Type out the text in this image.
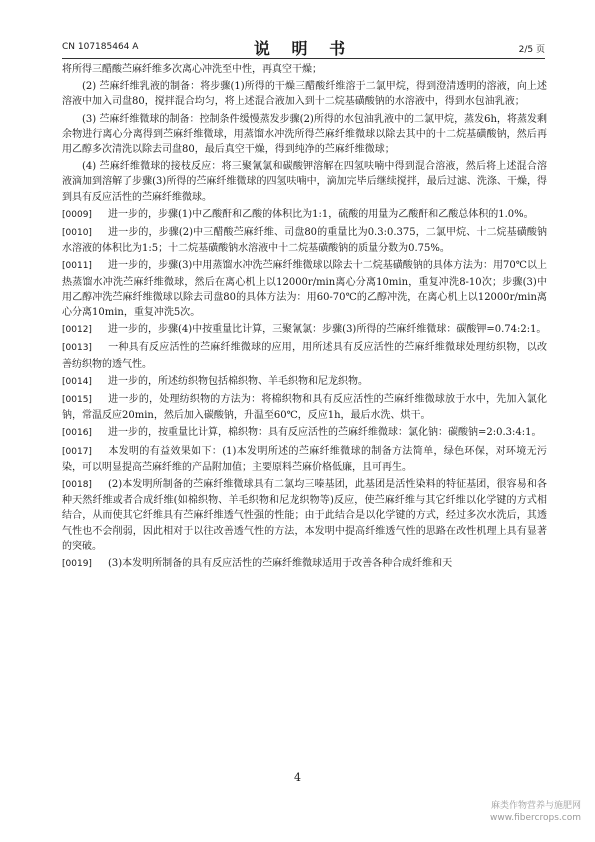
CN 107185464 A	说 明 书	2/5 页

将所得三醋酸苎麻纤维多次离心冲洗至中性，再真空干燥；

(2) 苎麻纤维乳液的制备：将步骤(1)所得的干燥三醋酸纤维溶于二氯甲烷，得到澄清透明的溶液，向上述溶液中加入司盘80，搅拌混合均匀，将上述混合液加入到十二烷基磺酸钠的水溶液中，得到水包油乳液；

(3) 苎麻纤维微球的制备：控制条件缓慢蒸发步骤(2)所得的水包油乳液中的二氯甲烷，蒸发6h，将蒸发剩余物进行离心分离得到苎麻纤维微球，用蒸馏水冲洗所得苎麻纤维微球以除去其中的十二烷基磺酸钠，然后再用乙醇多次清洗以除去司盘80，最后真空干燥，得到纯净的苎麻纤维微球；

(4) 苎麻纤维微球的接枝反应：将三聚氰氯和碳酸钾溶解在四氢呋喃中得到混合溶液，然后将上述混合溶液滴加到溶解了步骤(3)所得的苎麻纤维微球的四氢呋喃中，滴加完毕后继续搅拌，最后过滤、洗涤、干燥，得到具有反应活性的苎麻纤维微球。

[0009] 进一步的，步骤(1)中乙酸酐和乙酸的体积比为1:1，硫酸的用量为乙酸酐和乙酸总体积的1.0%。

[0010] 进一步的，步骤(2)中三醋酸苎麻纤维、司盘80的重量比为0.3:0.375，二氯甲烷、十二烷基磺酸钠水溶液的体积比为1:5；十二烷基磺酸钠水溶液中十二烷基磺酸钠的质量分数为0.75%。

[0011] 进一步的，步骤(3)中用蒸馏水冲洗苎麻纤维微球以除去十二烷基磺酸钠的具体方法为：用70℃以上热蒸馏水冲洗苎麻纤维微球，然后在离心机上以12000r/min离心分离10min，重复冲洗8-10次；步骤(3)中用乙醇冲洗苎麻纤维微球以除去司盘80的具体方法为：用60-70℃的乙醇冲洗，在离心机上以12000r/min离心分离10min，重复冲洗5次。

[0012] 进一步的，步骤(4)中按重量比计算，三聚氰氯：步骤(3)所得的苎麻纤维微球：碳酸钾=0.74:2:1。

[0013] 一种具有反应活性的苎麻纤维微球的应用，用所述具有反应活性的苎麻纤维微球处理纺织物，以改善纺织物的透气性。

[0014] 进一步的，所述纺织物包括棉织物、羊毛织物和尼龙织物。

[0015] 进一步的，处理纺织物的方法为：将棉织物和具有反应活性的苎麻纤维微球放于水中，先加入氯化钠，常温反应20min，然后加入碳酸钠，升温至60℃，反应1h，最后水洗、烘干。

[0016] 进一步的，按重量比计算，棉织物：具有反应活性的苎麻纤维微球：氯化钠：碳酸钠=2:0.3:4:1。

[0017] 本发明的有益效果如下：(1)本发明所述的苎麻纤维微球的制备方法简单，绿色环保，对环境无污染，可以明显提高苎麻纤维的产品附加值；主要原料苎麻价格低廉，且可再生。

[0018] (2)本发明所制备的苎麻纤维微球具有二氯均三嗪基团，此基团是活性染料的特征基团，很容易和各种天然纤维或者合成纤维(如棉织物、羊毛织物和尼龙织物等)反应，使苎麻纤维与其它纤维以化学键的方式相结合，从而使其它纤维具有苎麻纤维透气性强的性能；由于此结合是以化学键的方式，经过多次水洗后，其透气性也不会削弱，因此相对于以往改善透气性的方法，本发明中提高纤维透气性的思路在改性机理上具有显著的突破。

[0019] (3)本发明所制备的具有反应活性的苎麻纤维微球适用于改善各种合成纤维和天

4
麻类作物营养与施肥网
www.fibercrops.com
